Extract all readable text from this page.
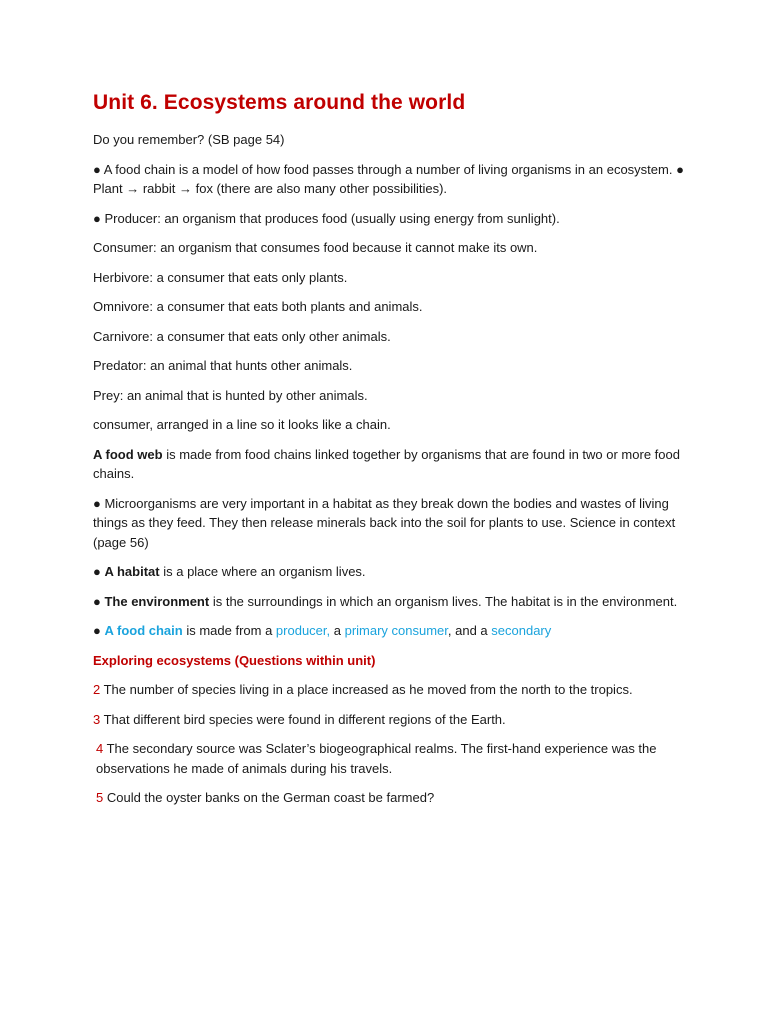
Unit 6. Ecosystems around the world

Do you remember? (SB page 54)

● A food chain is a model of how food passes through a number of living organisms in an ecosystem. ● Plant → rabbit → fox (there are also many other possibilities).

● Producer: an organism that produces food (usually using energy from sunlight).

Consumer: an organism that consumes food because it cannot make its own.

Herbivore: a consumer that eats only plants.

Omnivore: a consumer that eats both plants and animals.

Carnivore: a consumer that eats only other animals.

Predator: an animal that hunts other animals.

Prey: an animal that is hunted by other animals.

consumer, arranged in a line so it looks like a chain.

A food web is made from food chains linked together by organisms that are found in two or more food chains.

● Microorganisms are very important in a habitat as they break down the bodies and wastes of living things as they feed. They then release minerals back into the soil for plants to use. Science in context (page 56)

● A habitat is a place where an organism lives.

● The environment is the surroundings in which an organism lives. The habitat is in the environment.

● A food chain is made from a producer, a primary consumer, and a secondary

Exploring ecosystems (Questions within unit)

2 The number of species living in a place increased as he moved from the north to the tropics.

3 That different bird species were found in different regions of the Earth.

4 The secondary source was Sclater’s biogeographical realms. The first-hand experience was the observations he made of animals during his travels.

5 Could the oyster banks on the German coast be farmed?
